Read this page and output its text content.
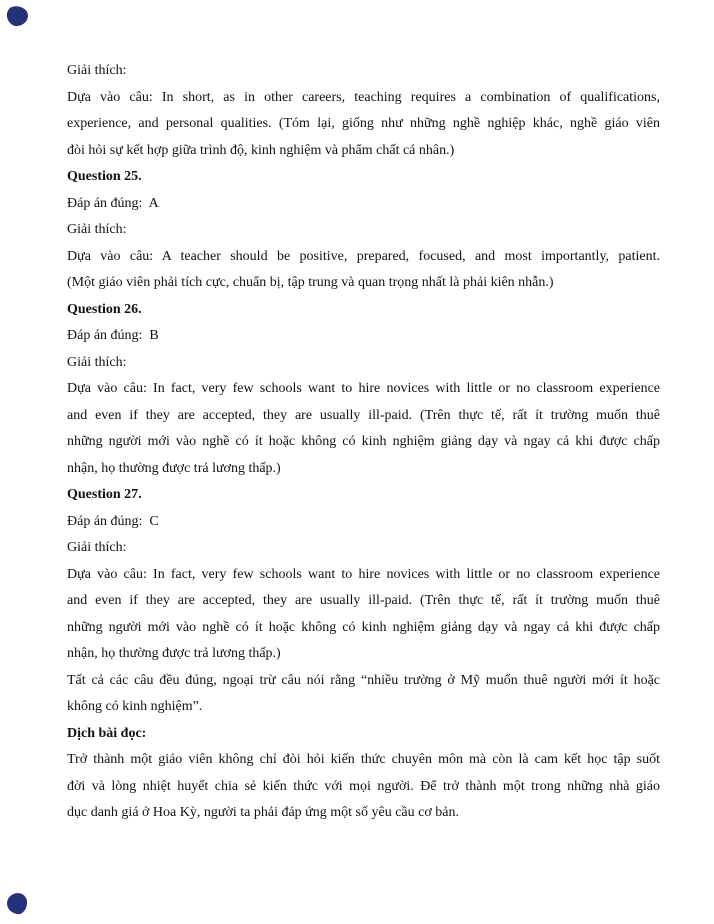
Giải thích:
Dựa vào câu: In short, as in other careers, teaching requires a combination of qualifications,
experience, and personal qualities. (Tóm lại, giống như những nghề nghiệp khác, nghề giáo viên
đòi hỏi sự kết hợp giữa trình độ, kinh nghiệm và phẩm chất cá nhân.)
Question 25.
Đáp án đúng:  A
Giải thích:
Dựa vào câu: A teacher should be positive, prepared, focused, and most importantly, patient.
(Một giáo viên phải tích cực, chuẩn bị, tập trung và quan trọng nhất là phải kiên nhẫn.)
Question 26.
Đáp án đúng:  B
Giải thích:
Dựa vào câu: In fact, very few schools want to hire novices with little or no classroom experience
and even if they are accepted, they are usually ill-paid. (Trên thực tế, rất ít trường muốn thuê
những người mới vào nghề có ít hoặc không có kinh nghiệm giảng dạy và ngay cả khi được chấp
nhận, họ thường được trả lương thấp.)
Question 27.
Đáp án đúng:  C
Giải thích:
Dựa vào câu: In fact, very few schools want to hire novices with little or no classroom experience
and even if they are accepted, they are usually ill-paid. (Trên thực tế, rất ít trường muốn thuê
những người mới vào nghề có ít hoặc không có kinh nghiệm giảng dạy và ngay cả khi được chấp
nhận, họ thường được trả lương thấp.)
Tất cả các câu đều đúng, ngoại trừ câu nói rằng “nhiều trường ở Mỹ muốn thuê người mới ít hoặc
không có kinh nghiệm”.
Dịch bài đọc:
Trở thành một giáo viên không chỉ đòi hỏi kiến thức chuyên môn mà còn là cam kết học tập suốt
đời và lòng nhiệt huyết chia sẻ kiến thức với mọi người. Để trở thành một trong những nhà giáo
dục danh giá ở Hoa Kỳ, người ta phải đáp ứng một số yêu cầu cơ bản.
